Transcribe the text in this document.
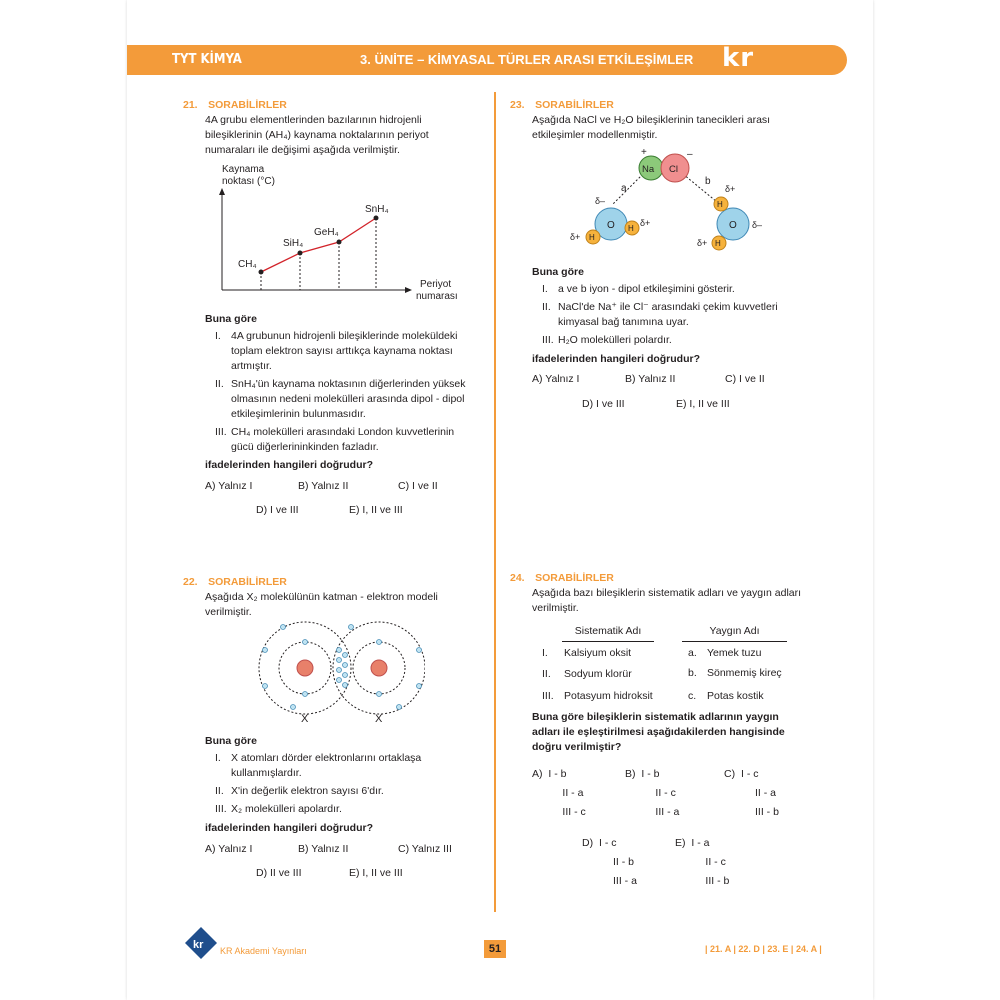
TYT KİMYA	3. ÜNİTE – KİMYASAL TÜRLER ARASI ETKİLEŞİMLER kr twins
21. SORABİLİRLER
4A grubu elementlerinden bazılarının hidrojenli
bileşiklerinin (AH₄) kaynama noktalarının periyot
numaraları ile değişimi aşağıda verilmiştir.
Kaynama
noktası (°C)
Periyot
numarası
CH₄
SiH₄
GeH₄
SnH₄
Buna göre
I. 4A grubunun hidrojenli bileşiklerinde moleküldeki
toplam elektron sayısı arttıkça kaynama noktası
artmıştır.
II. SnH₄'ün kaynama noktasının diğerlerinden yüksek
olmasının nedeni molekülleri arasında dipol - dipol
etkileşimlerinin bulunmasıdır.
III. CH₄ molekülleri arasındaki London kuvvetlerinin
gücü diğerlerininkinden fazladır.
ifadelerinden hangileri doğrudur?
A) Yalnız I	B) Yalnız II	C) I ve II
D) I ve III	E) I, II ve III
22. SORABİLİRLER
Aşağıda X₂ molekülünün katman - elektron modeli
verilmiştir.
X	X
Buna göre
I. X atomları dörder elektronlarını ortaklaşa
kullanmışlardır.
II. X'in değerlik elektron sayısı 6'dır.
III. X₂ molekülleri apolardır.
ifadelerinden hangileri doğrudur?
A) Yalnız I	B) Yalnız II	C) Yalnız III
D) II ve III	E) I, II ve III
23. SORABİLİRLER
Aşağıda NaCl ve H₂O bileşiklerinin tanecikleri arası
etkileşimler modellenmiştir.
Na Cl
+	–
a
b
O
H
H
δ–
δ+
δ+	O
H
H
δ+
δ+
δ–
Buna göre
I. a ve b iyon - dipol etkileşimini gösterir.
II. NaCl'de Na⁺ ile Cl⁻ arasındaki çekim kuvvetleri
kimyasal bağ tanımına uyar.
III. H₂O molekülleri polardır.
ifadelerinden hangileri doğrudur?
A) Yalnız I	B) Yalnız II	C) I ve II
D) I ve III	E) I, II ve III
24. SORABİLİRLER
Aşağıda bazı bileşiklerin sistematik adları ve yaygın adları
verilmiştir.
Sistematik Adı	Yaygın Adı
I. Kalsiyum oksit	a. Yemek tuzu
II. Sodyum klorür	b. Sönmemiş kireç
III. Potasyum hidroksit	c. Potas kostik
Buna göre bileşiklerin sistematik adlarının yaygın
adları ile eşleştirilmesi aşağıdakilerden hangisinde
doğru verilmiştir?
A) I - b
II - a
III - c
B) I - b
II - c
III - a
C) I - c
II - a
III - b
D) I - c
II - b
III - a
E) I - a
II - c
III - b
kr KR Akademi Yayınları	51	| 21. A | 22. D | 23. E | 24. A |
